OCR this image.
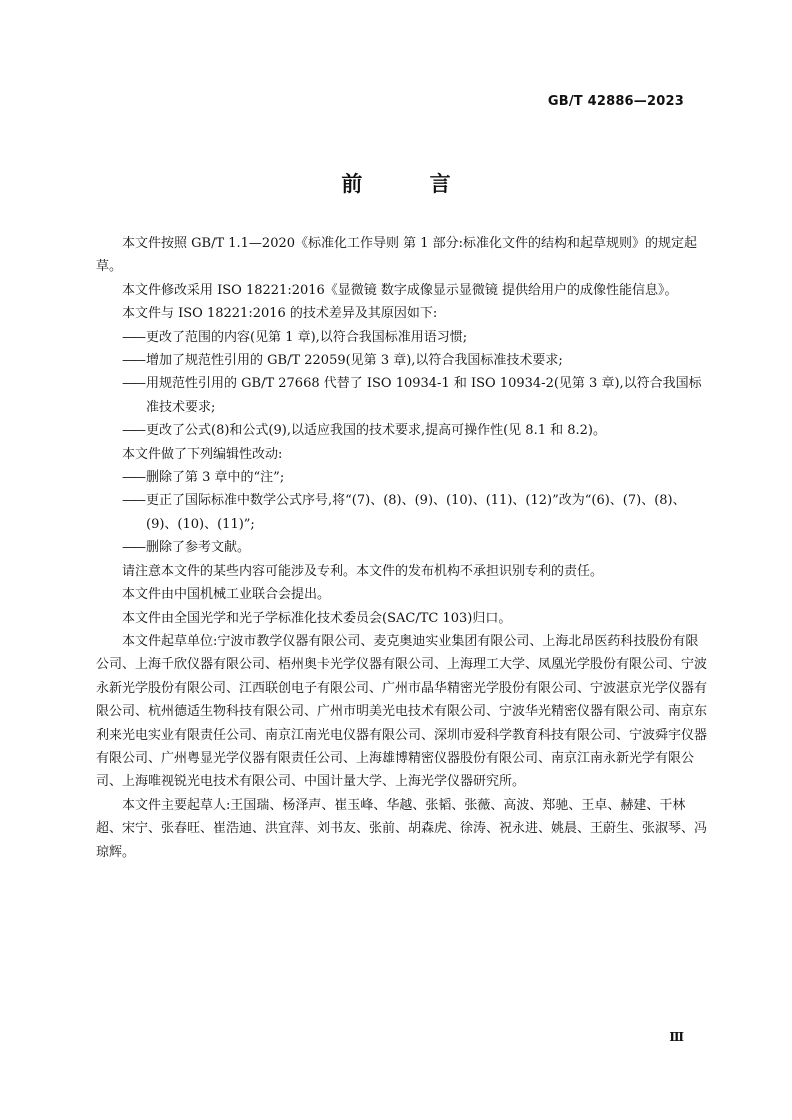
GB/T 42886—2023
前 言

本文件按照 GB/T 1.1—2020《标准化工作导则 第 1 部分:标准化文件的结构和起草规则》的规定起草。

本文件修改采用 ISO 18221:2016《显微镜 数字成像显示显微镜 提供给用户的成像性能信息》。

本文件与 ISO 18221:2016 的技术差异及其原因如下:

—— 更改了范围的内容(见第 1 章),以符合我国标准用语习惯;

—— 增加了规范性引用的 GB/T 22059(见第 3 章),以符合我国标准技术要求;

—— 用规范性引用的 GB/T 27668 代替了 ISO 10934-1 和 ISO 10934-2(见第 3 章),以符合我国标准技术要求;

—— 更改了公式(8)和公式(9),以适应我国的技术要求,提高可操作性(见 8.1 和 8.2)。

本文件做了下列编辑性改动:

—— 删除了第 3 章中的“注”;

—— 更正了国际标准中数学公式序号,将“(7)、(8)、(9)、(10)、(11)、(12)”改为“(6)、(7)、(8)、(9)、(10)、(11)”;

—— 删除了参考文献。

请注意本文件的某些内容可能涉及专利。本文件的发布机构不承担识别专利的责任。

本文件由中国机械工业联合会提出。

本文件由全国光学和光子学标准化技术委员会(SAC/TC 103)归口。

本文件起草单位:宁波市教学仪器有限公司、麦克奥迪实业集团有限公司、上海北昂医药科技股份有限公司、上海千欣仪器有限公司、梧州奥卡光学仪器有限公司、上海理工大学、凤凰光学股份有限公司、宁波永新光学股份有限公司、江西联创电子有限公司、广州市晶华精密光学股份有限公司、宁波湛京光学仪器有限公司、杭州德适生物科技有限公司、广州市明美光电技术有限公司、宁波华光精密仪器有限公司、南京东利来光电实业有限责任公司、南京江南光电仪器有限公司、深圳市爱科学教育科技有限公司、宁波舜宇仪器有限公司、广州粤显光学仪器有限责任公司、上海雄博精密仪器股份有限公司、南京江南永新光学有限公司、上海唯视锐光电技术有限公司、中国计量大学、上海光学仪器研究所。

本文件主要起草人:王国瑞、杨泽声、崔玉峰、华越、张韬、张薇、高波、郑驰、王卓、赫建、干林超、宋宁、张春旺、崔浩迪、洪宜萍、刘书友、张前、胡森虎、徐涛、祝永进、姚晨、王蔚生、张淑琴、冯琼辉。

Ⅲ
